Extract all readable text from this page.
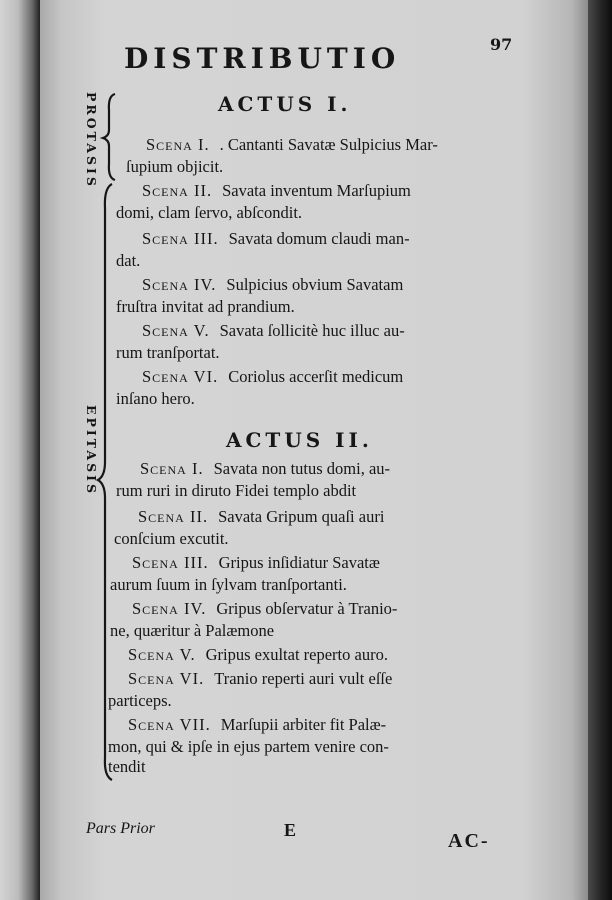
97
DISTRIBUTIO
PROTASIS
EPITASIS
ACTUS I.
Scena I. . Cantanti Savatæ Sulpicius Mar-
ſupium objicit.
Scena II. Savata inventum Marſupium
domi, clam ſervo, abſcondit.
Scena III. Savata domum claudi man-
dat.
Scena IV. Sulpicius obvium Savatam
fruſtra invitat ad prandium.
Scena V. Savata ſollicitè huc illuc au-
rum tranſportat.
Scena VI. Coriolus accerſit medicum
inſano hero.
ACTUS II.
Scena I. Savata non tutus domi, au-
rum ruri in diruto Fidei templo abdit
Scena II. Savata Gripum quaſi auri
conſcium excutit.
Scena III. Gripus inſidiatur Savatæ
aurum ſuum in ſylvam tranſportanti.
Scena IV. Gripus obſervatur à Tranio-
ne, quæritur à Palæmone
Scena V. Gripus exultat reperto auro.
Scena VI. Tranio reperti auri vult eſſe
particeps.
Scena VII. Marſupii arbiter fit Palæ-
mon, qui & ipſe in ejus partem venire con-
tendit
Pars Prior	E	AC-
